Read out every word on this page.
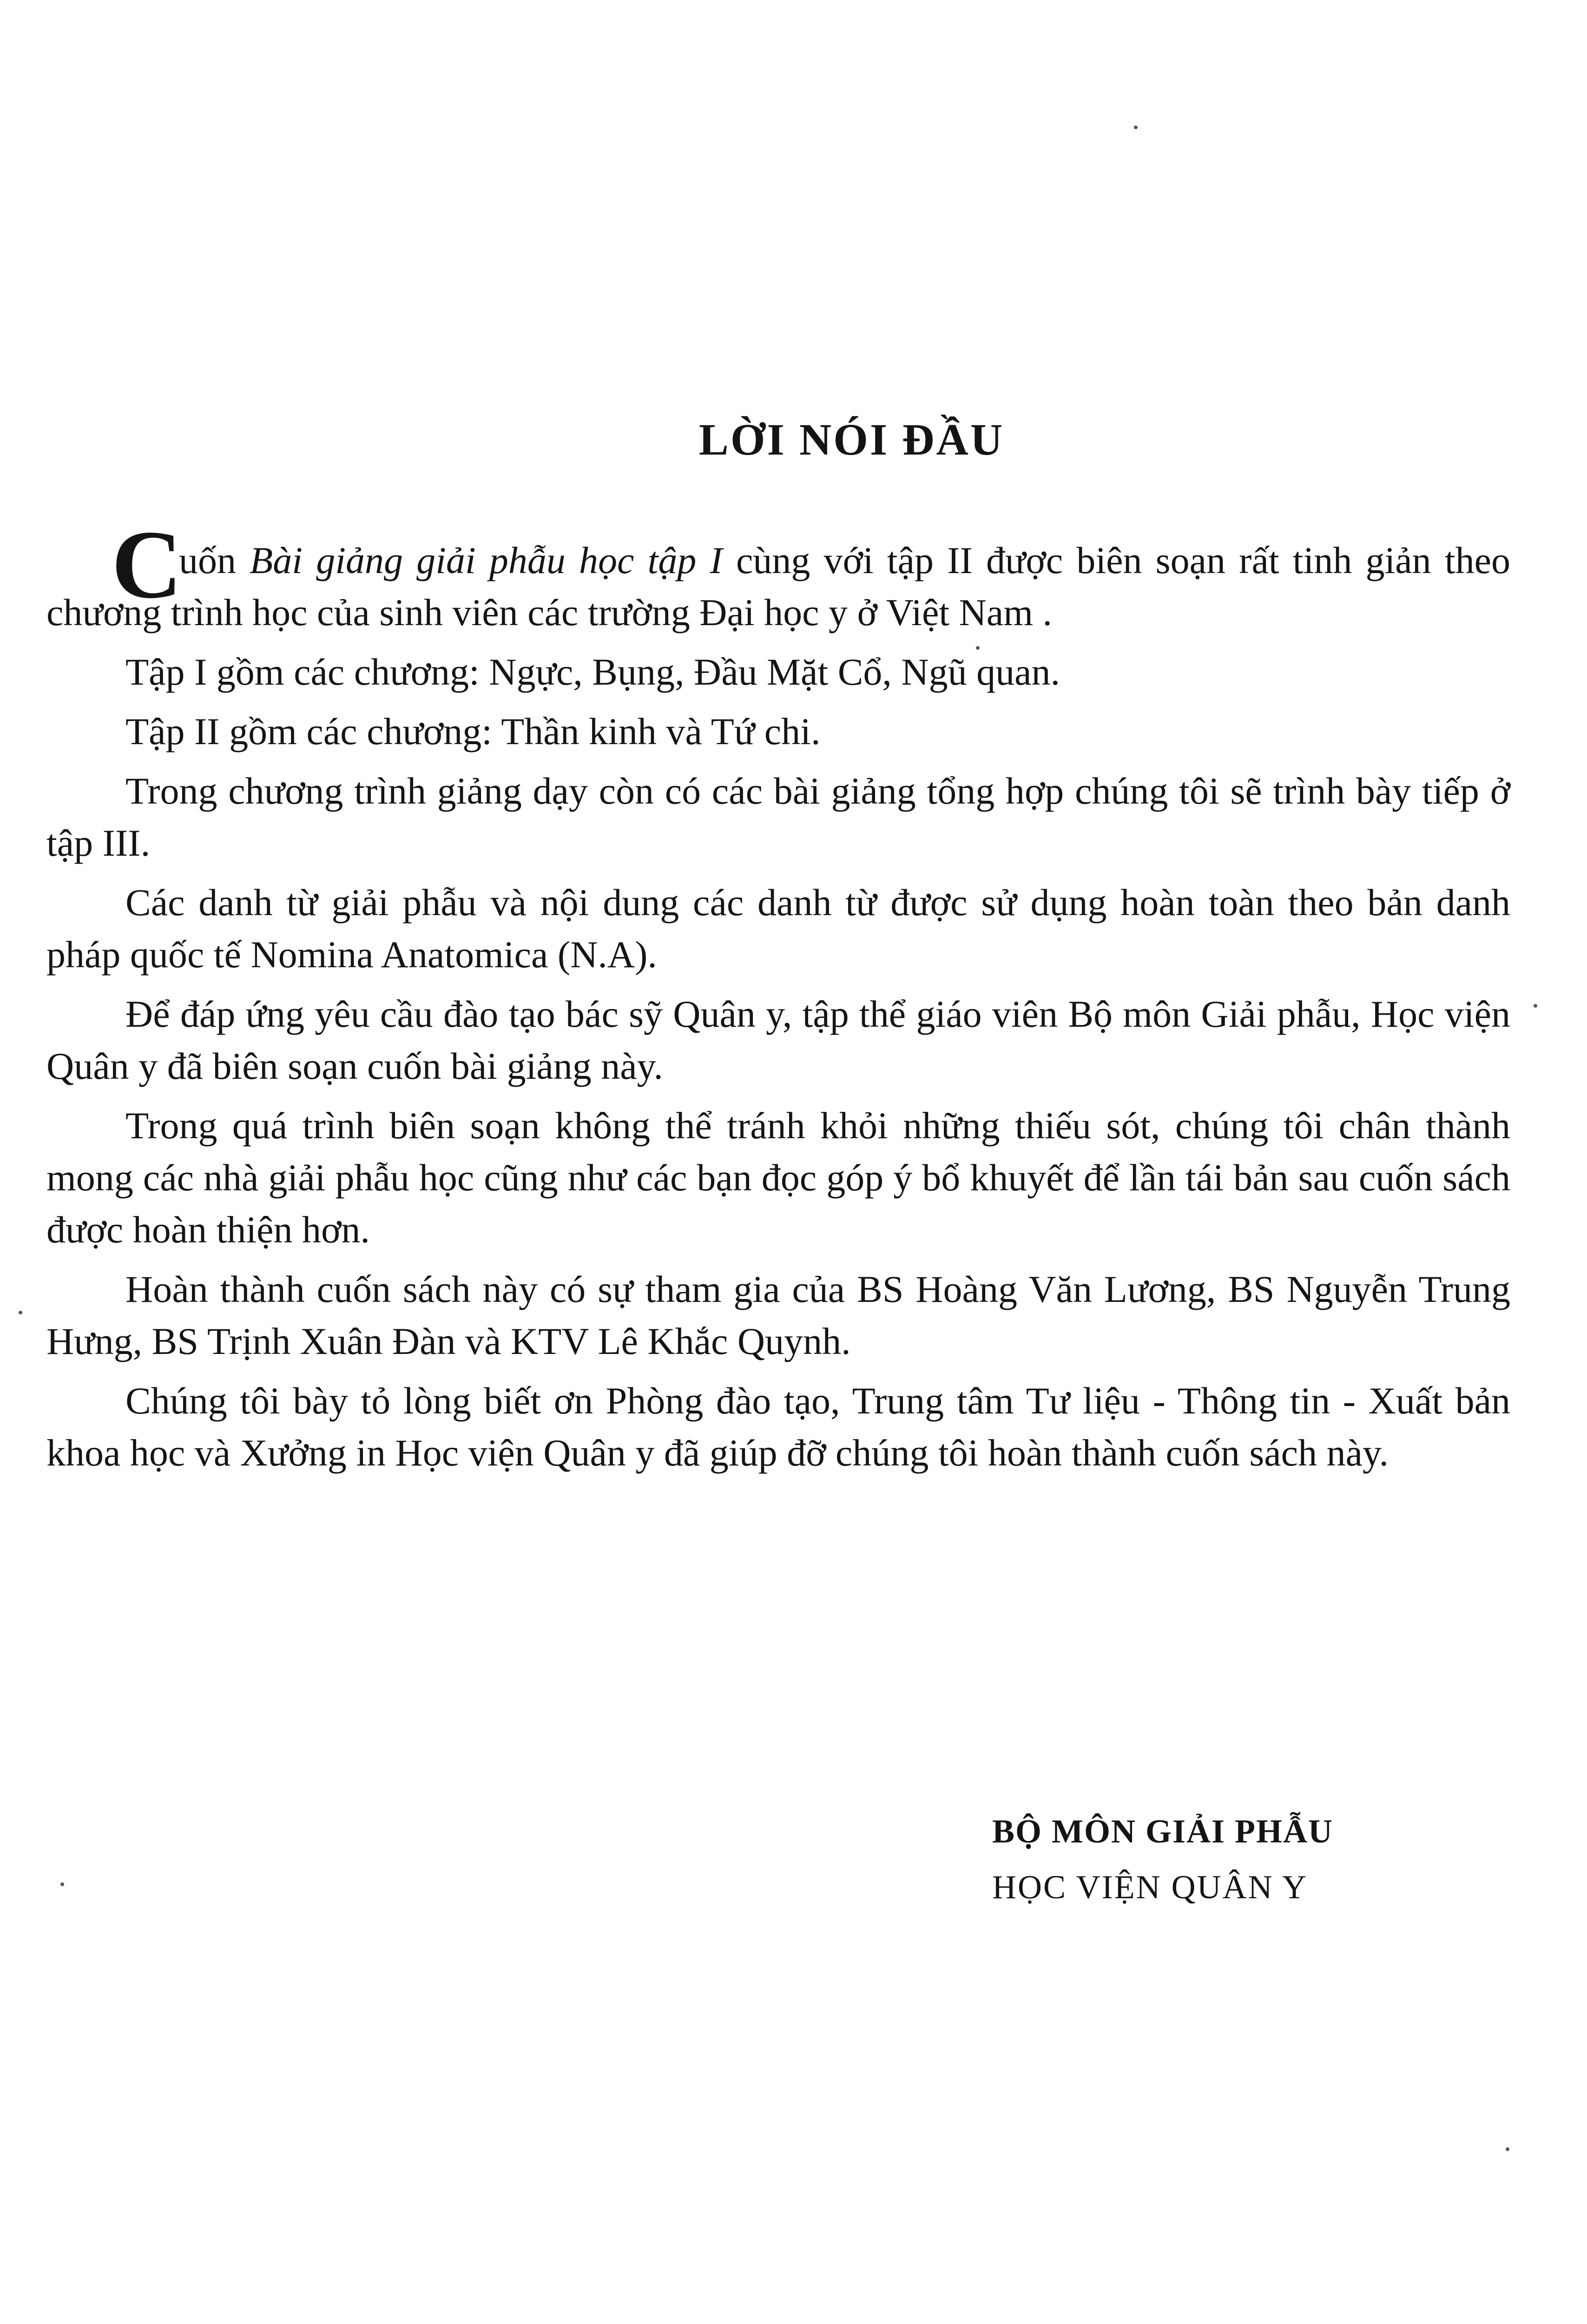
LỜI NÓI ĐẦU

C
uốn Bài giảng giải phẫu học tập I cùng với tập II được biên soạn rất tinh giản theo chương trình học của sinh viên các trường Đại học y ở Việt Nam .

Tập I gồm các chương: Ngực, Bụng, Đầu Mặt Cổ, Ngũ quan.

Tập II gồm các chương: Thần kinh và Tứ chi.

Trong chương trình giảng dạy còn có các bài giảng tổng hợp chúng tôi sẽ trình bày tiếp ở tập III.

Các danh từ giải phẫu và nội dung các danh từ được sử dụng hoàn toàn theo bản danh pháp quốc tế Nomina Anatomica (N.A).

Để đáp ứng yêu cầu đào tạo bác sỹ Quân y, tập thể giáo viên Bộ môn Giải phẫu, Học viện Quân y đã biên soạn cuốn bài giảng này.

Trong quá trình biên soạn không thể tránh khỏi những thiếu sót, chúng tôi chân thành mong các nhà giải phẫu học cũng như các bạn đọc góp ý bổ khuyết để lần tái bản sau cuốn sách được hoàn thiện hơn.

Hoàn thành cuốn sách này có sự tham gia của BS Hoàng Văn Lương, BS Nguyễn Trung Hưng, BS Trịnh Xuân Đàn và KTV Lê Khắc Quynh.

Chúng tôi bày tỏ lòng biết ơn Phòng đào tạo, Trung tâm Tư liệu - Thông tin - Xuất bản khoa học và Xưởng in Học viện Quân y đã giúp đỡ chúng tôi hoàn thành cuốn sách này.

BỘ MÔN GIẢI PHẪU
HỌC VIỆN QUÂN Y
